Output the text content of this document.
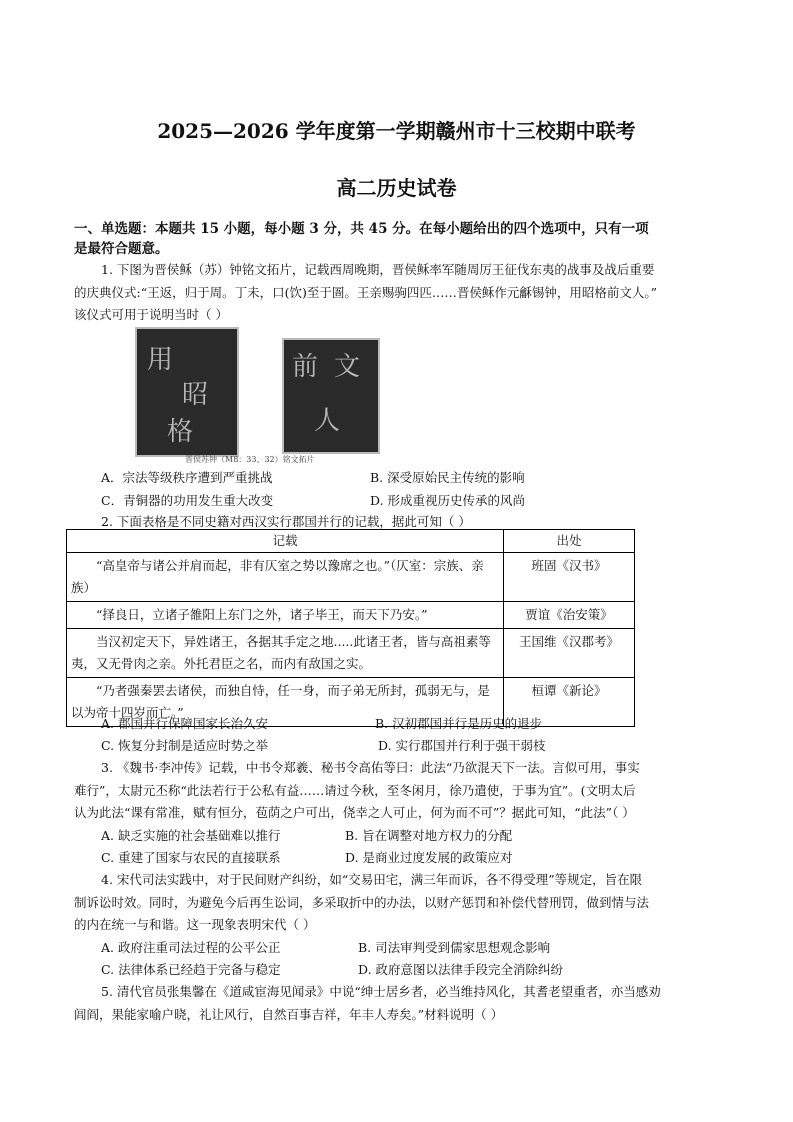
2025—2026 学年度第一学期赣州市十三校期中联考
高二历史试卷
一、单选题：本题共 15 小题，每小题 3 分，共 45 分。在每小题给出的四个选项中，只有一项
是最符合题意。
1. 下图为晋侯稣（苏）钟铭文拓片，记载西周晚期，晋侯稣率军随周厉王征伐东夷的战事及战后重要
的庆典仪式:“王返，归于周。丁未，口(饮)至于圄。王亲赐驹四匹……晋侯稣作元龢锡钟，用昭格前文人。”
该仪式可用于说明当时（ ）
用
昭
格
前 文
人
晋侯苏钟（M8：33、32）铭文拓片
A．宗法等级秩序遭到严重挑战	B. 深受原始民主传统的影响
C．青铜器的功用发生重大改变	D. 形成重视历史传承的风尚
2. 下面表格是不同史籍对西汉实行郡国并行的记载，据此可知（ ）
记载	出处
“高皇帝与诸公并肩而起，非有仄室之势以豫席之也。”（仄室：宗族、亲族）	班固《汉书》
“择良日，立诸子雒阳上东门之外，诸子毕王，而天下乃安。”	贾谊《治安策》
当汉初定天下，异姓诸王，各据其手定之地.....此诸王者，皆与高祖素等夷，又无骨肉之亲。外托君臣之名，而内有敌国之实。	王国维《汉郡考》
“乃者强秦罢去诸侯，而独自恃，任一身，而子弟无所封，孤弱无与，是以为帝十四岁而亡。”	桓谭《新论》
A. 郡国并行保障国家长治久安	B. 汉初郡国并行是历史的退步
C. 恢复分封制是适应时势之举	D. 实行郡国并行利于强干弱枝
3. 《魏书·李冲传》记载，中书令郑羲、秘书令高佑等曰：此法“乃欲混天下一法。言似可用，事实
难行”，太尉元丕称“此法若行于公私有益……请过今秋，至冬闲月，徐乃遣使，于事为宜”。(文明太后
认为此法“课有常准，赋有恒分，苞荫之户可出，侥幸之人可止，何为而不可”？据此可知，“此法”（ ）
A. 缺乏实施的社会基础难以推行	B. 旨在调整对地方权力的分配
C. 重建了国家与农民的直接联系	D. 是商业过度发展的政策应对
4. 宋代司法实践中，对于民间财产纠纷，如“交易田宅，满三年而诉，各不得受理”等规定，旨在限
制诉讼时效。同时，为避免今后再生讼词，多采取折中的办法，以财产惩罚和补偿代替刑罚，做到情与法
的内在统一与和谐。这一现象表明宋代（ ）
A. 政府注重司法过程的公平公正	B. 司法审判受到儒家思想观念影响
C. 法律体系已经趋于完备与稳定	D. 政府意图以法律手段完全消除纠纷
5. 清代官员张集馨在《道咸宦海见闻录》中说“绅士居乡者，必当维持风化，其耆老望重者，亦当感劝
闾阎，果能家喻户晓，礼让风行，自然百事吉祥，年丰人寿矣。”材料说明（ ）
